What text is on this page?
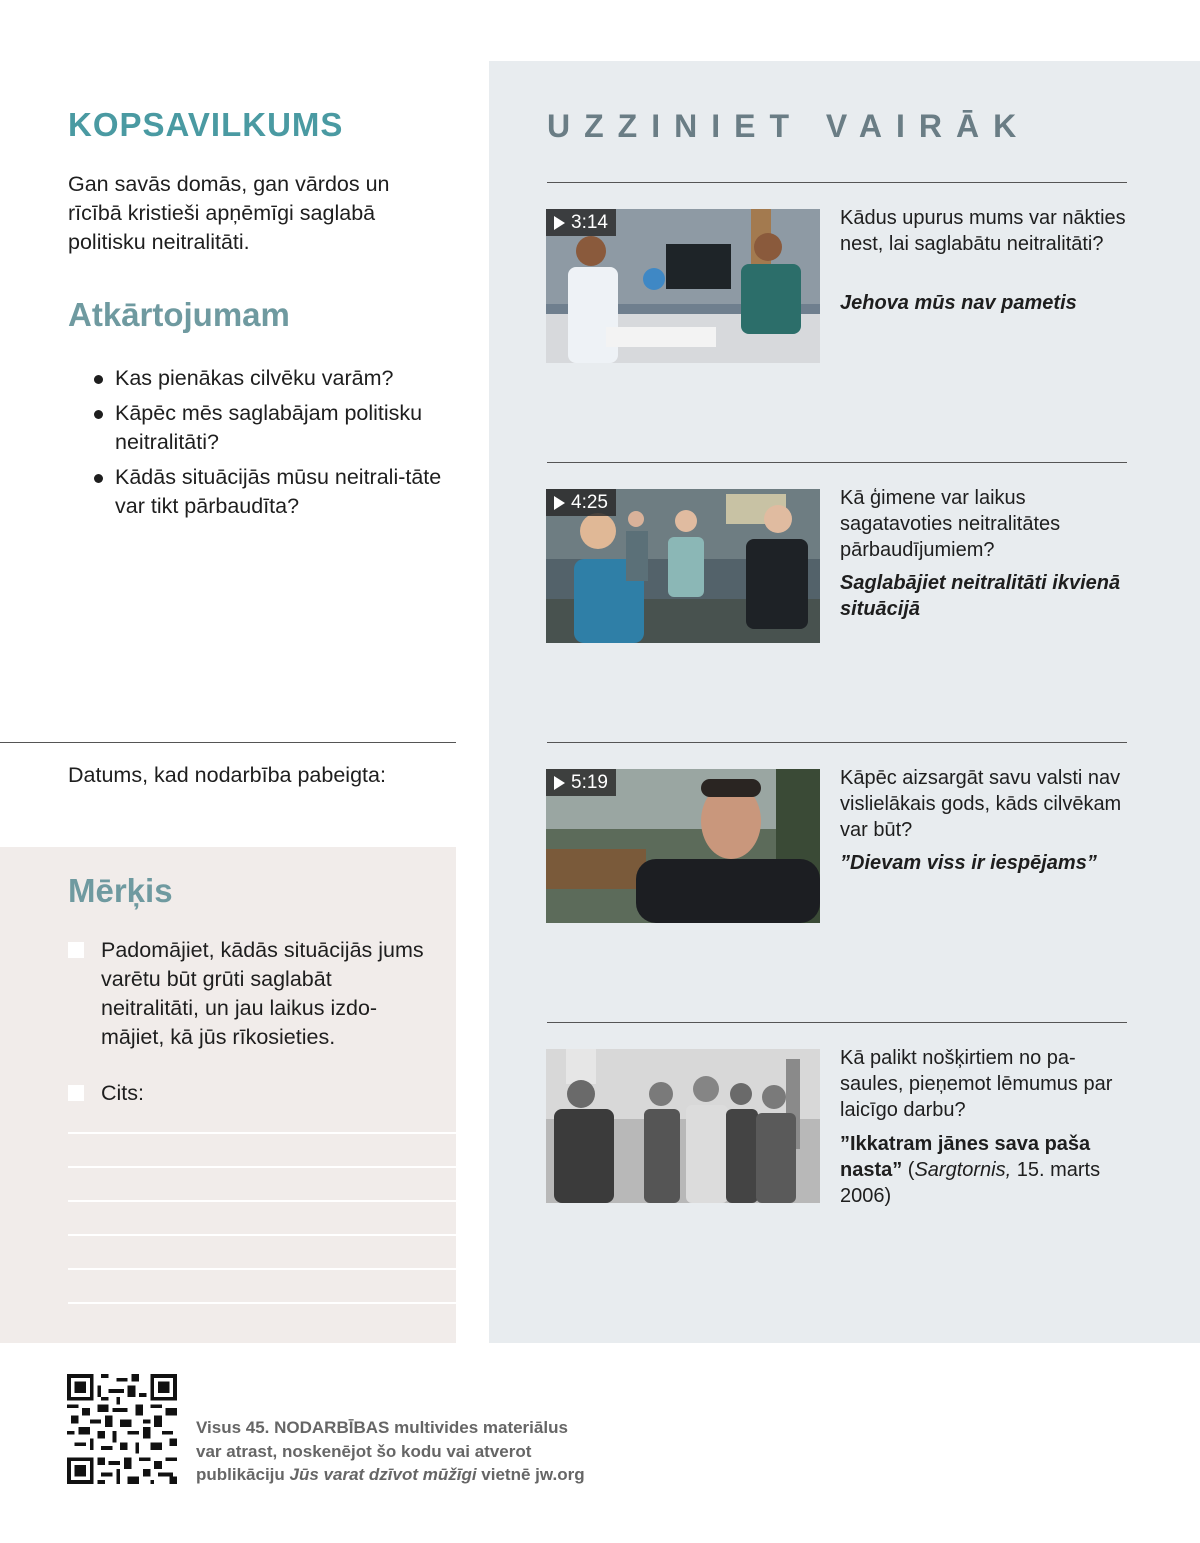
KOPSAVILKUMS

Gan savās domās, gan vārdos un rīcībā kristieši apņēmīgi saglabā politisku neitralitāti.

Atkārtojumam
Kas pienākas cilvēku varām?
Kāpēc mēs saglabājam politisku neitralitāti?
Kādās situācijās mūsu neitrali-tāte var tikt pārbaudīta?
Datums, kad nodarbība pabeigta:
Mērķis
Padomājiet, kādās situācijās jums varētu būt grūti saglabāt neitralitāti, un jau laikus izdo-mājiet, kā jūs rīkosieties.
Cits:
UZZINIET VAIRĀK
3:14	Kādus upurus mums var nākties nest, lai saglabātu neitralitāti?
Jehova mūs nav pametis
4:25	Kā ģimene var laikus sagatavoties neitralitātes pārbaudījumiem?
Saglabājiet neitralitāti ikvienā situācijā
5:19	Kāpēc aizsargāt savu valsti nav vislielākais gods, kāds cilvēkam var būt?
”Dievam viss ir iespējams”
Kā palikt nošķirtiem no pa-saules, pieņemot lēmumus par laicīgo darbu?
”Ikkatram jānes sava paša nasta” (Sargtornis, 15. marts 2006)
Visus 45. NODARBĪBAS multivides materiālus
var atrast, noskenējot šo kodu vai atverot
publikāciju Jūs varat dzīvot mūžīgi vietnē jw.org
